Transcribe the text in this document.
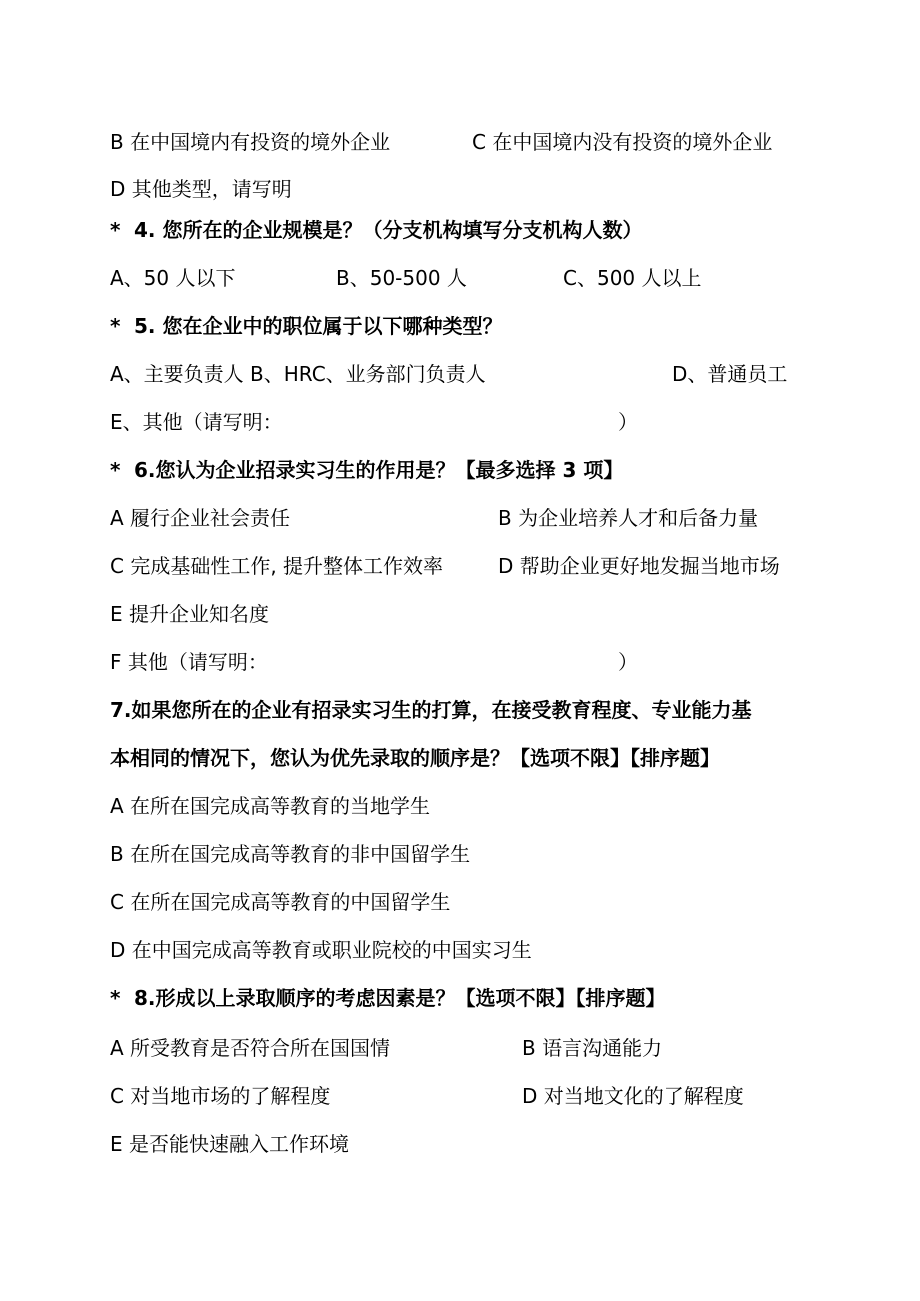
B 在中国境内有投资的境外企业	C 在中国境内没有投资的境外企业
D 其他类型，请写明
* 4. 您所在的企业规模是？（分支机构填写分支机构人数）
A、50 人以下	B、50-500 人	C、500 人以上
* 5. 您在企业中的职位属于以下哪种类型？
A、主要负责人 B、HRC、业务部门负责人	D、普通员工
E、其他（请写明：	）
* 6.您认为企业招录实习生的作用是？【最多选择 3 项】
A 履行企业社会责任	B 为企业培养人才和后备力量
C 完成基础性工作, 提升整体工作效率	D 帮助企业更好地发掘当地市场
E 提升企业知名度
F 其他（请写明：	）
7.如果您所在的企业有招录实习生的打算，在接受教育程度、专业能力基
本相同的情况下，您认为优先录取的顺序是？【选项不限】【排序题】
A 在所在国完成高等教育的当地学生
B 在所在国完成高等教育的非中国留学生
C 在所在国完成高等教育的中国留学生
D 在中国完成高等教育或职业院校的中国实习生
* 8.形成以上录取顺序的考虑因素是？【选项不限】【排序题】
A 所受教育是否符合所在国国情	B 语言沟通能力
C 对当地市场的了解程度	D 对当地文化的了解程度
E 是否能快速融入工作环境
